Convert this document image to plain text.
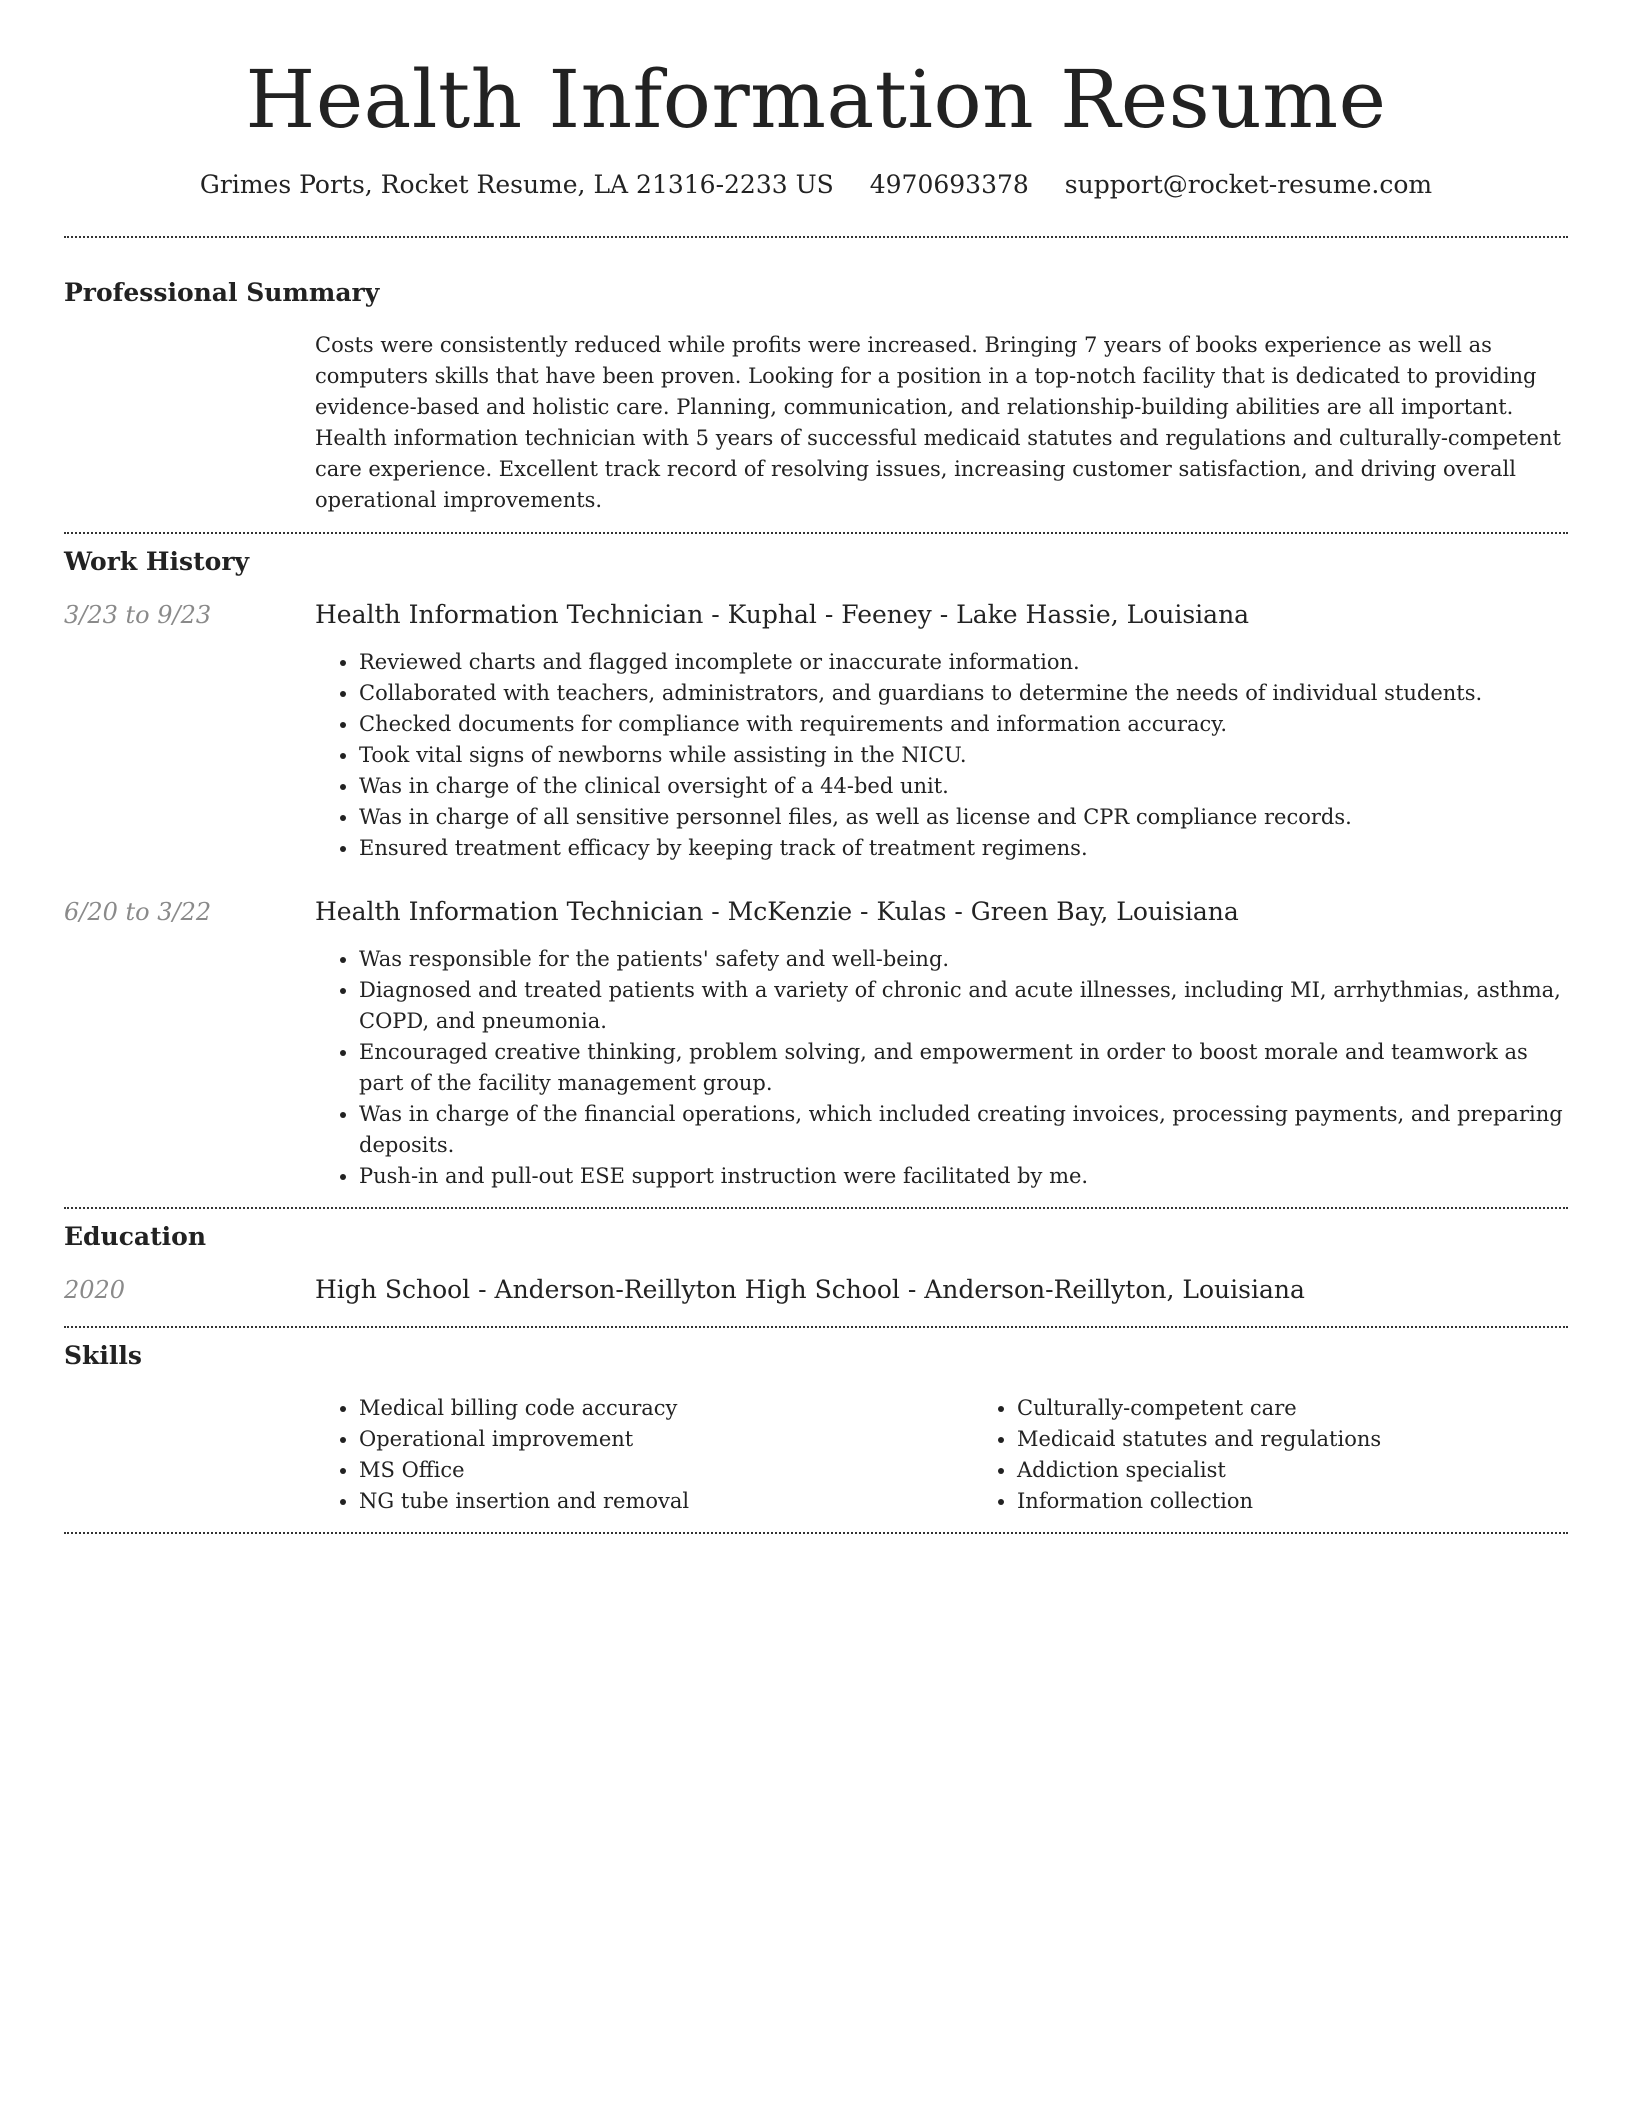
Health Information Resume
Grimes Ports, Rocket Resume, LA 21316-2233 US 4970693378 support@rocket-resume.com
Professional Summary
Costs were consistently reduced while profits were increased. Bringing 7 years of books experience as well as computers skills that have been proven. Looking for a position in a top-notch facility that is dedicated to providing evidence-based and holistic care. Planning, communication, and relationship-building abilities are all important. Health information technician with 5 years of successful medicaid statutes and regulations and culturally-competent care experience. Excellent track record of resolving issues, increasing customer satisfaction, and driving overall operational improvements.
Work History
3/23 to 9/23	Health Information Technician - Kuphal - Feeney - Lake Hassie, Louisiana
• Reviewed charts and flagged incomplete or inaccurate information.
• Collaborated with teachers, administrators, and guardians to determine the needs of individual students.
• Checked documents for compliance with requirements and information accuracy.
• Took vital signs of newborns while assisting in the NICU.
• Was in charge of the clinical oversight of a 44-bed unit.
• Was in charge of all sensitive personnel files, as well as license and CPR compliance records.
• Ensured treatment efficacy by keeping track of treatment regimens.
6/20 to 3/22	Health Information Technician - McKenzie - Kulas - Green Bay, Louisiana
• Was responsible for the patients' safety and well-being.
• Diagnosed and treated patients with a variety of chronic and acute illnesses, including MI, arrhythmias, asthma, COPD, and pneumonia.
• Encouraged creative thinking, problem solving, and empowerment in order to boost morale and teamwork as part of the facility management group.
• Was in charge of the financial operations, which included creating invoices, processing payments, and preparing deposits.
• Push-in and pull-out ESE support instruction were facilitated by me.
Education
2020	High School - Anderson-Reillyton High School - Anderson-Reillyton, Louisiana
Skills
• Medical billing code accuracy
• Operational improvement
• MS Office
• NG tube insertion and removal
• Culturally-competent care
• Medicaid statutes and regulations
• Addiction specialist
• Information collection
